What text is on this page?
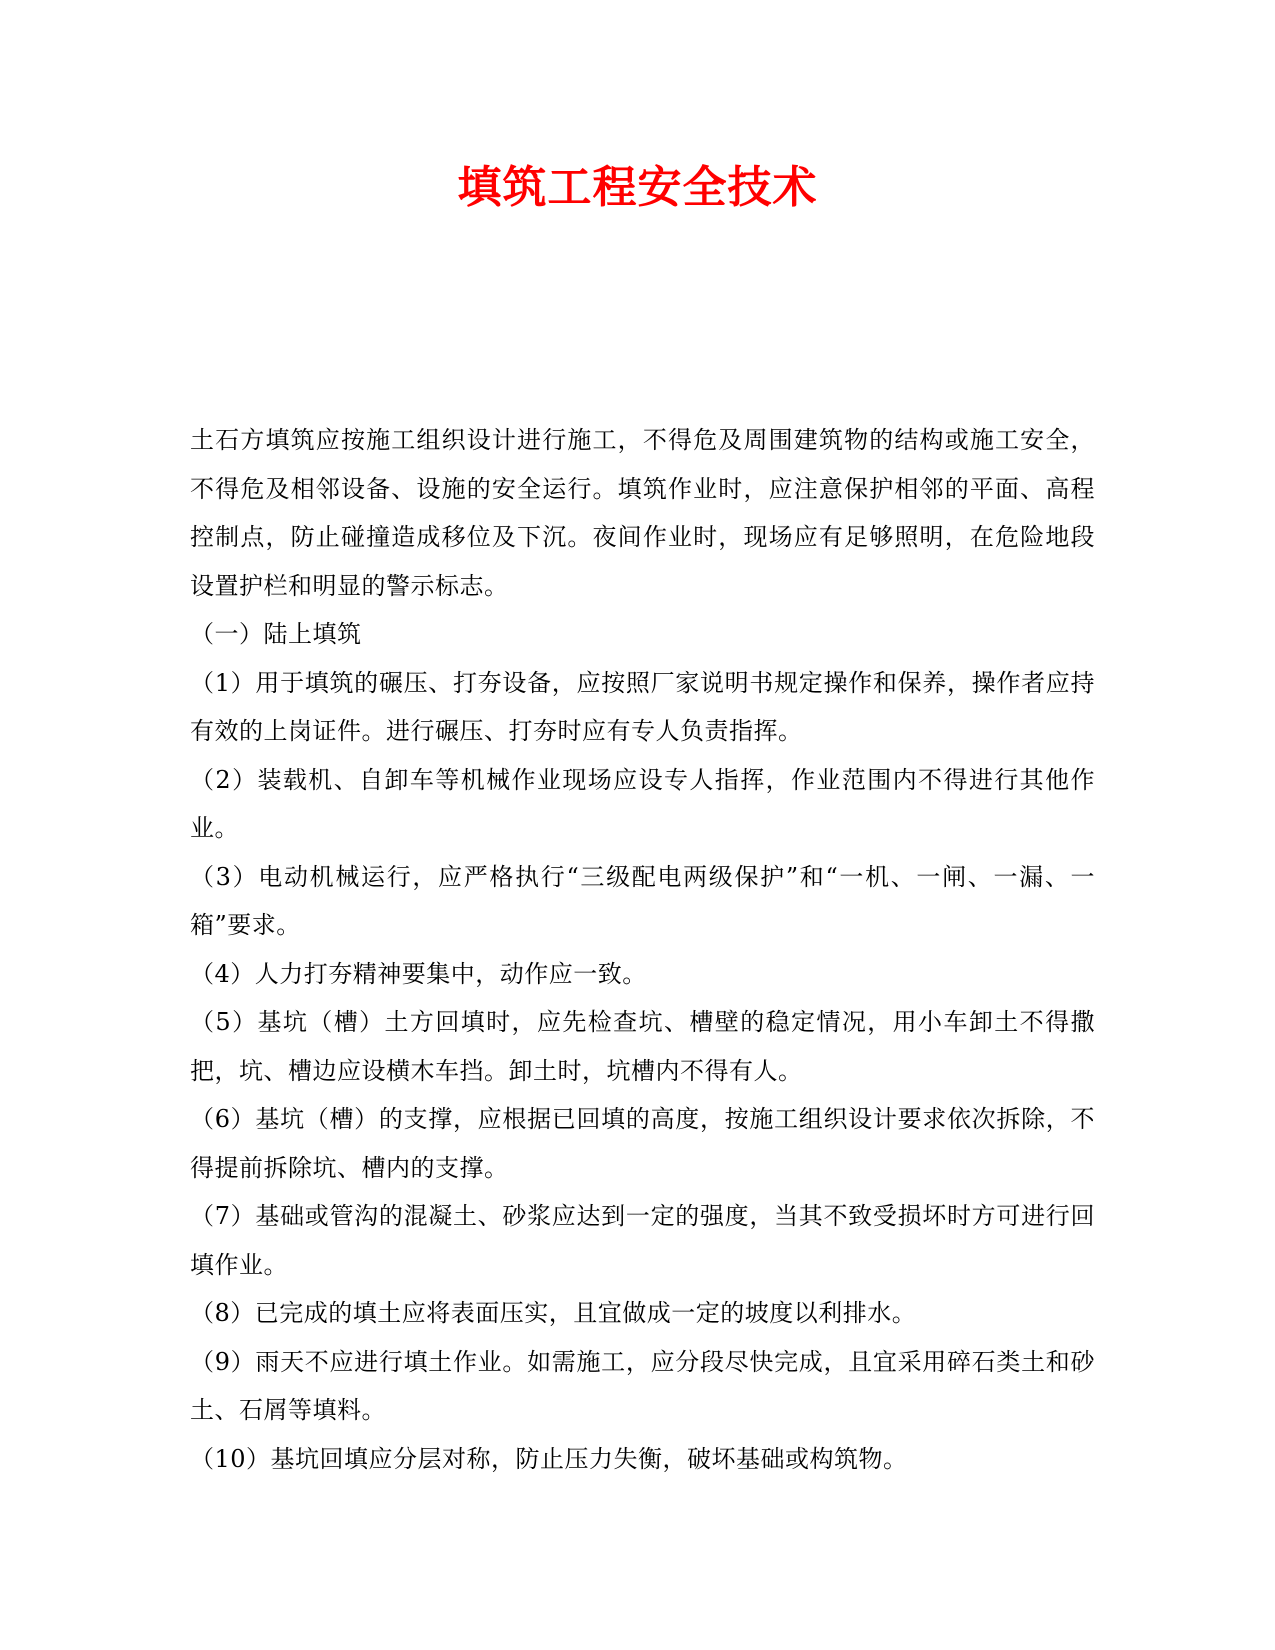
填筑工程安全技术

土石方填筑应按施工组织设计进行施工，不得危及周围建筑物的结构或施工安全，不得危及相邻设备、设施的安全运行。填筑作业时，应注意保护相邻的平面、高程控制点，防止碰撞造成移位及下沉。夜间作业时，现场应有足够照明，在危险地段设置护栏和明显的警示标志。

（一）陆上填筑

（1）用于填筑的碾压、打夯设备，应按照厂家说明书规定操作和保养，操作者应持有效的上岗证件。进行碾压、打夯时应有专人负责指挥。

（2）装载机、自卸车等机械作业现场应设专人指挥，作业范围内不得进行其他作业。

（3）电动机械运行，应严格执行“三级配电两级保护”和“一机、一闸、一漏、一箱”要求。

（4）人力打夯精神要集中，动作应一致。

（5）基坑（槽）土方回填时，应先检查坑、槽壁的稳定情况，用小车卸土不得撒把，坑、槽边应设横木车挡。卸土时，坑槽内不得有人。

（6）基坑（槽）的支撑，应根据已回填的高度，按施工组织设计要求依次拆除，不得提前拆除坑、槽内的支撑。

（7）基础或管沟的混凝土、砂浆应达到一定的强度，当其不致受损坏时方可进行回填作业。

（8）已完成的填土应将表面压实，且宜做成一定的坡度以利排水。

（9）雨天不应进行填土作业。如需施工，应分段尽快完成，且宜采用碎石类土和砂土、石屑等填料。

（10）基坑回填应分层对称，防止压力失衡，破坏基础或构筑物。
